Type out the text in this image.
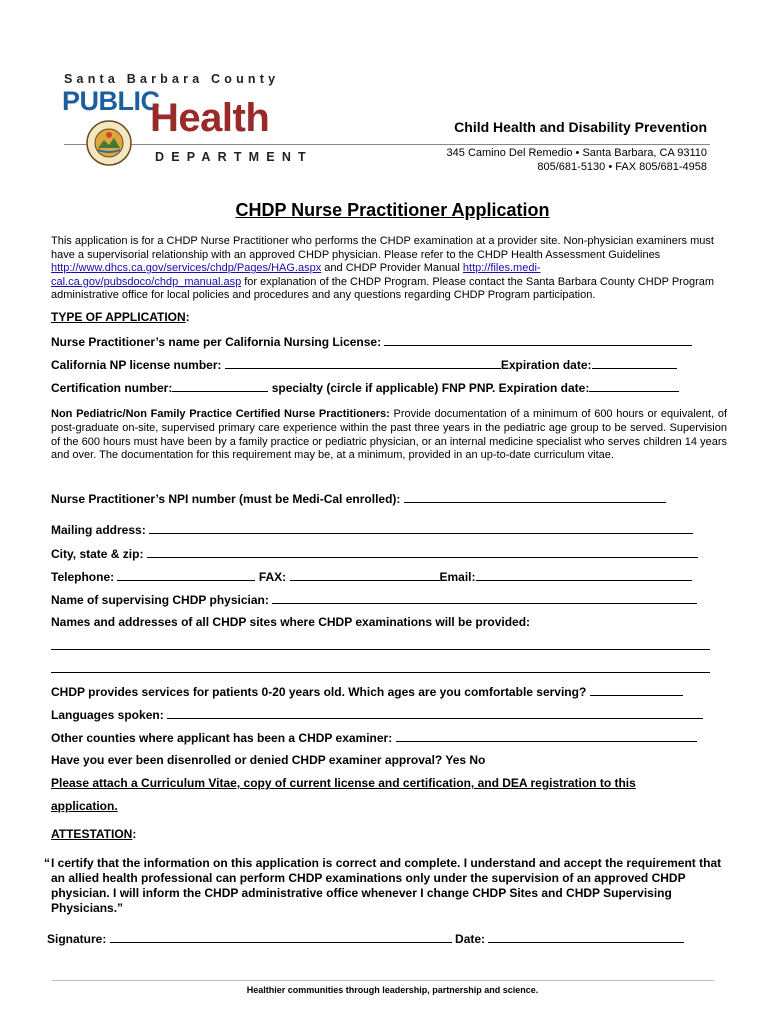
Santa Barbara County
PUBLIC
Health
DEPARTMENT
Child Health and Disability Prevention
345 Camino Del Remedio • Santa Barbara, CA 93110
805/681-5130 • FAX 805/681-4958
CHDP Nurse Practitioner Application
This application is for a CHDP Nurse Practitioner who performs the CHDP examination at a provider site. Non-physician examiners must have a supervisorial relationship with an approved CHDP physician. Please refer to the CHDP Health Assessment Guidelines http://www.dhcs.ca.gov/services/chdp/Pages/HAG.aspx and CHDP Provider Manual http://files.medi-cal.ca.gov/pubsdoco/chdp_manual.asp for explanation of the CHDP Program. Please contact the Santa Barbara County CHDP Program administrative office for local policies and procedures and any questions regarding CHDP Program participation.
TYPE OF APPLICATION:
Nurse Practitioner’s name per California Nursing License:
California NP license number:	Expiration date:
Certification number:	specialty (circle if applicable) FNP PNP. Expiration date:
Non Pediatric/Non Family Practice Certified Nurse Practitioners: Provide documentation of a minimum of 600 hours or equivalent, of post-graduate on-site, supervised primary care experience within the past three years in the pediatric age group to be served. Supervision of the 600 hours must have been by a family practice or pediatric physician, or an internal medicine specialist who serves children 14 years and over. The documentation for this requirement may be, at a minimum, provided in an up-to-date curriculum vitae.
Nurse Practitioner’s NPI number (must be Medi-Cal enrolled):
Mailing address:
City, state & zip:
Telephone:	FAX:	Email:
Name of supervising CHDP physician:
Names and addresses of all CHDP sites where CHDP examinations will be provided:
CHDP provides services for patients 0-20 years old. Which ages are you comfortable serving?
Languages spoken:
Other counties where applicant has been a CHDP examiner:
Have you ever been disenrolled or denied CHDP examiner approval? Yes No
Please attach a Curriculum Vitae, copy of current license and certification, and DEA registration to this
application.
ATTESTATION:
“ I certify that the information on this application is correct and complete. I understand and accept the requirement that an allied health professional can perform CHDP examinations only under the supervision of an approved CHDP physician. I will inform the CHDP administrative office whenever I change CHDP Sites and CHDP Supervising Physicians.”
Signature:	Date:
Healthier communities through leadership, partnership and science.
